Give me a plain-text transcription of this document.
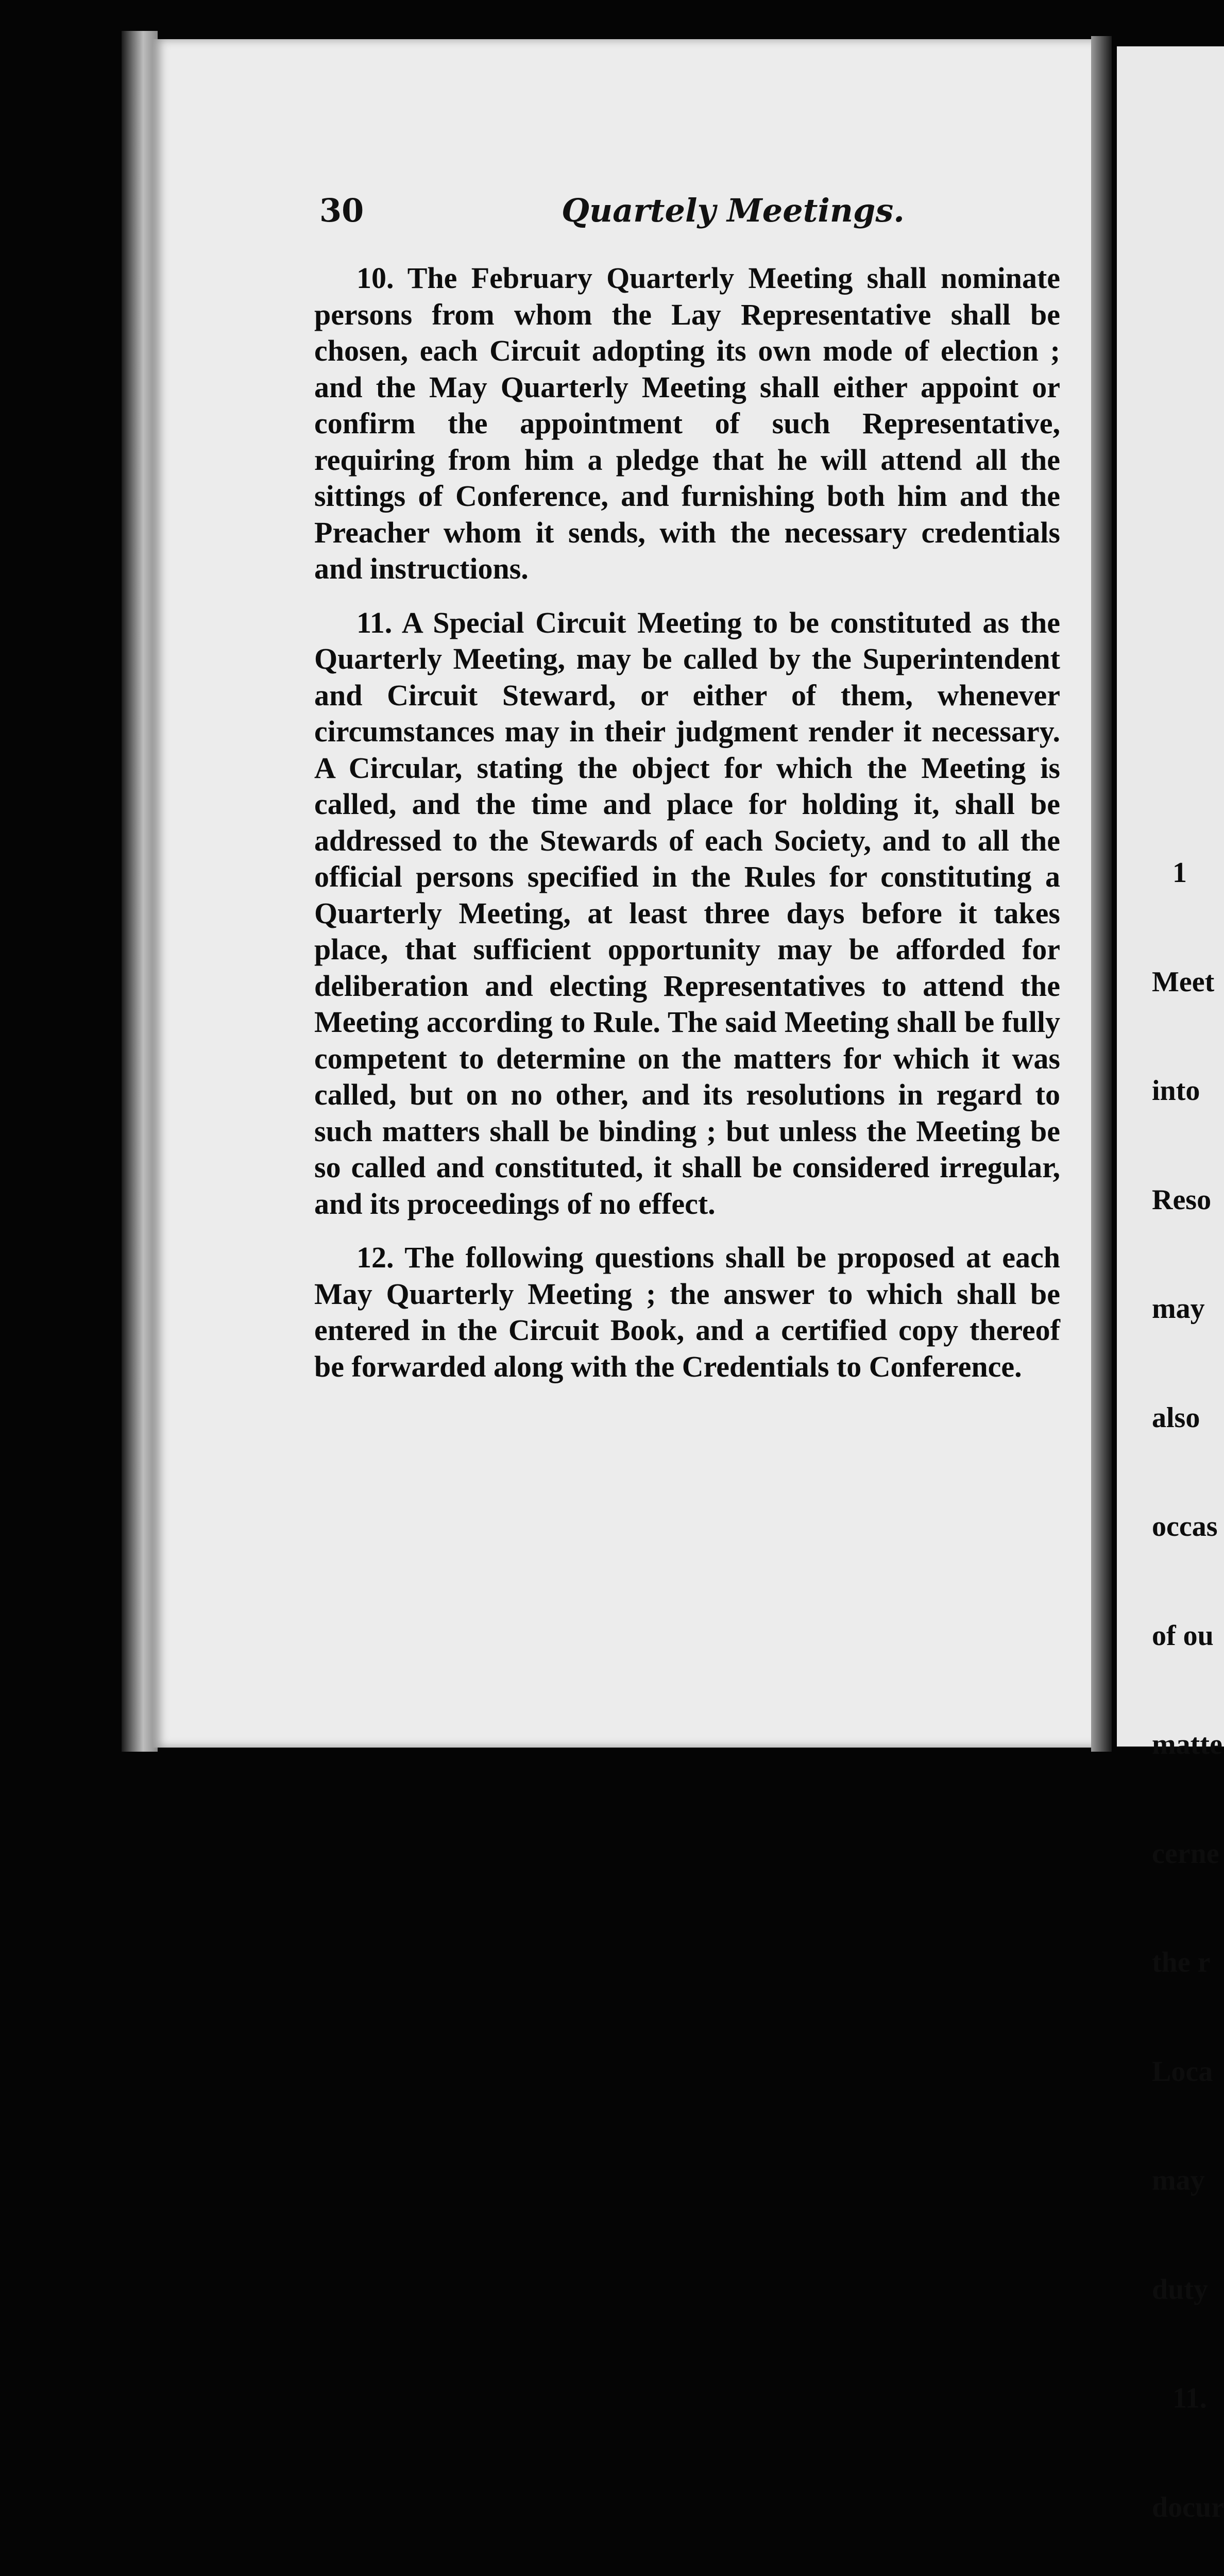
30	Quartely Meetings.

10. The February Quarterly Meeting shall nominate persons from whom the Lay Representative shall be chosen, each Circuit adopting its own mode of election ; and the May Quarterly Meeting shall either appoint or confirm the appointment of such Representative, requiring from him a pledge that he will attend all the sittings of Conference, and furnishing both him and the Preacher whom it sends, with the necessary credentials and instructions.

11. A Special Circuit Meeting to be constituted as the Quarterly Meeting, may be called by the Superintendent and Circuit Steward, or either of them, whenever circumstances may in their judgment render it necessary. A Circular, stating the object for which the Meeting is called, and the time and place for holding it, shall be addressed to the Stewards of each Society, and to all the official persons specified in the Rules for constituting a Quarterly Meeting, at least three days before it takes place, that sufficient opportunity may be afforded for deliberation and electing Representatives to attend the Meeting according to Rule. The said Meeting shall be fully competent to determine on the matters for which it was called, but on no other, and its resolutions in regard to such matters shall be binding ; but unless the Meeting be so called and constituted, it shall be considered irregular, and its proceedings of no effect.

12. The following questions shall be proposed at each May Quarterly Meeting ; the answer to which shall be entered in the Circuit Book, and a certified copy thereof be forwarded along with the Credentials to Conference.

1

Meet

into

Reso

may

also

occas

of ou

matte

cerne

the r

Loca

may

duty

11.

docur
